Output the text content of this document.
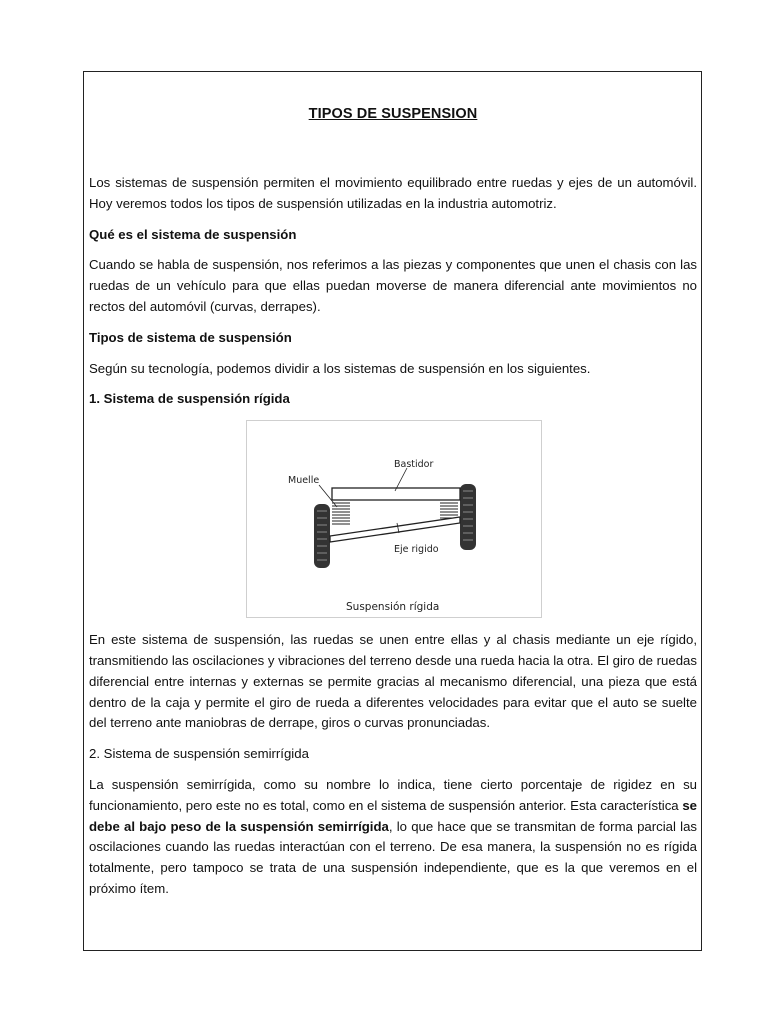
TIPOS DE SUSPENSION

Los sistemas de suspensión permiten el movimiento equilibrado entre ruedas y ejes de un automóvil. Hoy veremos todos los tipos de suspensión utilizadas en la industria automotriz.

Qué es el sistema de suspensión

Cuando se habla de suspensión, nos referimos a las piezas y componentes que unen el chasis con las ruedas de un vehículo para que ellas puedan moverse de manera diferencial ante movimientos no rectos del automóvil (curvas, derrapes).

Tipos de sistema de suspensión

Según su tecnología, podemos dividir a los sistemas de suspensión en los siguientes.

1. Sistema de suspensión rígida

Bastidor
Muelle
Eje rigido
Suspensión rígida

En este sistema de suspensión, las ruedas se unen entre ellas y al chasis mediante un eje rígido, transmitiendo las oscilaciones y vibraciones del terreno desde una rueda hacia la otra. El giro de ruedas diferencial entre internas y externas se permite gracias al mecanismo diferencial, una pieza que está dentro de la caja y permite el giro de rueda a diferentes velocidades para evitar que el auto se suelte del terreno ante maniobras de derrape, giros o curvas pronunciadas.

2. Sistema de suspensión semirrígida

La suspensión semirrígida, como su nombre lo indica, tiene cierto porcentaje de rigidez en su funcionamiento, pero este no es total, como en el sistema de suspensión anterior. Esta característica se debe al bajo peso de la suspensión semirrígida, lo que hace que se transmitan de forma parcial las oscilaciones cuando las ruedas interactúan con el terreno. De esa manera, la suspensión no es rígida totalmente, pero tampoco se trata de una suspensión independiente, que es la que veremos en el próximo ítem.
